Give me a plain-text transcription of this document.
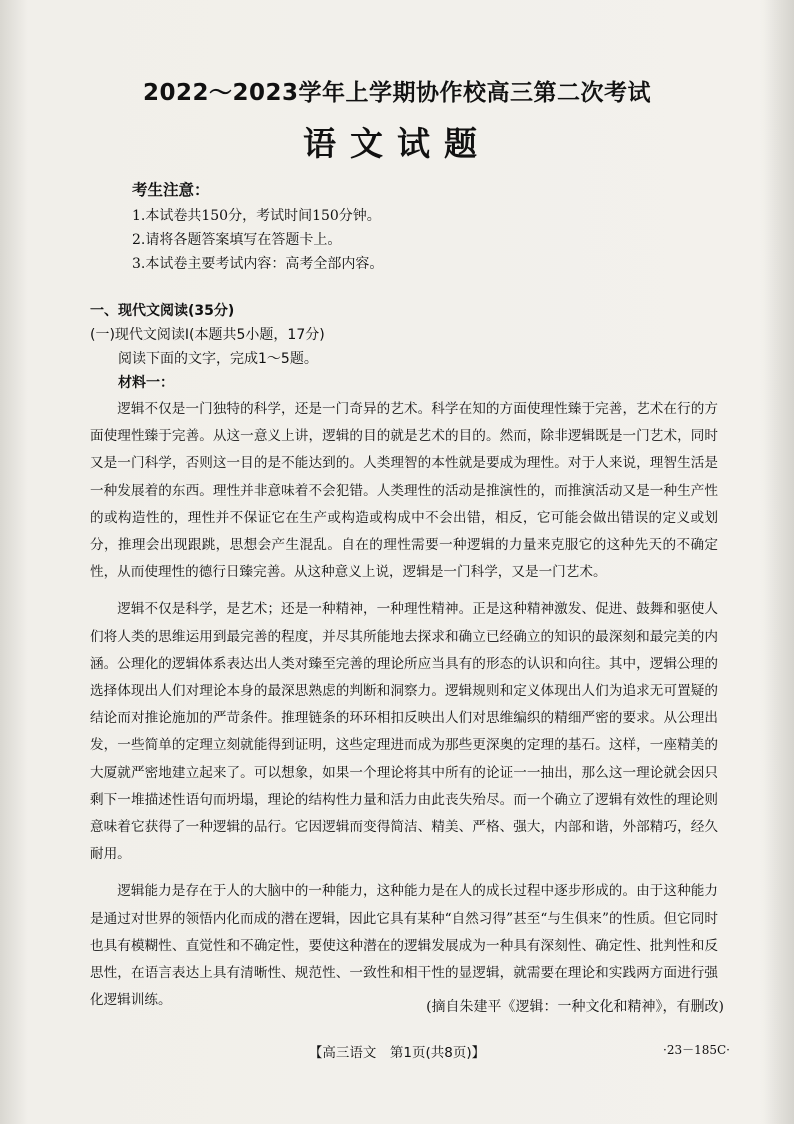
2022～2023学年上学期协作校高三第二次考试
语文试题
考生注意：
1.本试卷共150分，考试时间150分钟。
2.请将各题答案填写在答题卡上。
3.本试卷主要考试内容：高考全部内容。
一、现代文阅读(35分)
(一)现代文阅读Ⅰ(本题共5小题，17分)
阅读下面的文字，完成1～5题。
材料一：

逻辑不仅是一门独特的科学，还是一门奇异的艺术。科学在知的方面使理性臻于完善，艺术在行的方面使理性臻于完善。从这一意义上讲，逻辑的目的就是艺术的目的。然而，除非逻辑既是一门艺术，同时又是一门科学，否则这一目的是不能达到的。人类理智的本性就是要成为理性。对于人来说，理智生活是一种发展着的东西。理性并非意味着不会犯错。人类理性的活动是推演性的，而推演活动又是一种生产性的或构造性的，理性并不保证它在生产或构造或构成中不会出错，相反，它可能会做出错误的定义或划分，推理会出现跟跳，思想会产生混乱。自在的理性需要一种逻辑的力量来克服它的这种先天的不确定性，从而使理性的德行日臻完善。从这种意义上说，逻辑是一门科学，又是一门艺术。

逻辑不仅是科学，是艺术；还是一种精神，一种理性精神。正是这种精神激发、促进、鼓舞和驱使人们将人类的思维运用到最完善的程度，并尽其所能地去探求和确立已经确立的知识的最深刻和最完美的内涵。公理化的逻辑体系表达出人类对臻至完善的理论所应当具有的形态的认识和向往。其中，逻辑公理的选择体现出人们对理论本身的最深思熟虑的判断和洞察力。逻辑规则和定义体现出人们为追求无可置疑的结论而对推论施加的严苛条件。推理链条的环环相扣反映出人们对思维编织的精细严密的要求。从公理出发，一些简单的定理立刻就能得到证明，这些定理进而成为那些更深奥的定理的基石。这样，一座精美的大厦就严密地建立起来了。可以想象，如果一个理论将其中所有的论证一一抽出，那么这一理论就会因只剩下一堆描述性语句而坍塌，理论的结构性力量和活力由此丧失殆尽。而一个确立了逻辑有效性的理论则意味着它获得了一种逻辑的品行。它因逻辑而变得简洁、精美、严格、强大，内部和谐，外部精巧，经久耐用。

逻辑能力是存在于人的大脑中的一种能力，这种能力是在人的成长过程中逐步形成的。由于这种能力是通过对世界的领悟内化而成的潜在逻辑，因此它具有某种“自然习得”甚至“与生俱来”的性质。但它同时也具有模糊性、直觉性和不确定性，要使这种潜在的逻辑发展成为一种具有深刻性、确定性、批判性和反思性，在语言表达上具有清晰性、规范性、一致性和相干性的显逻辑，就需要在理论和实践两方面进行强化逻辑训练。	(摘自朱建平《逻辑：一种文化和精神》，有删改)
【高三语文　第1页(共8页)】	·23－185C·
